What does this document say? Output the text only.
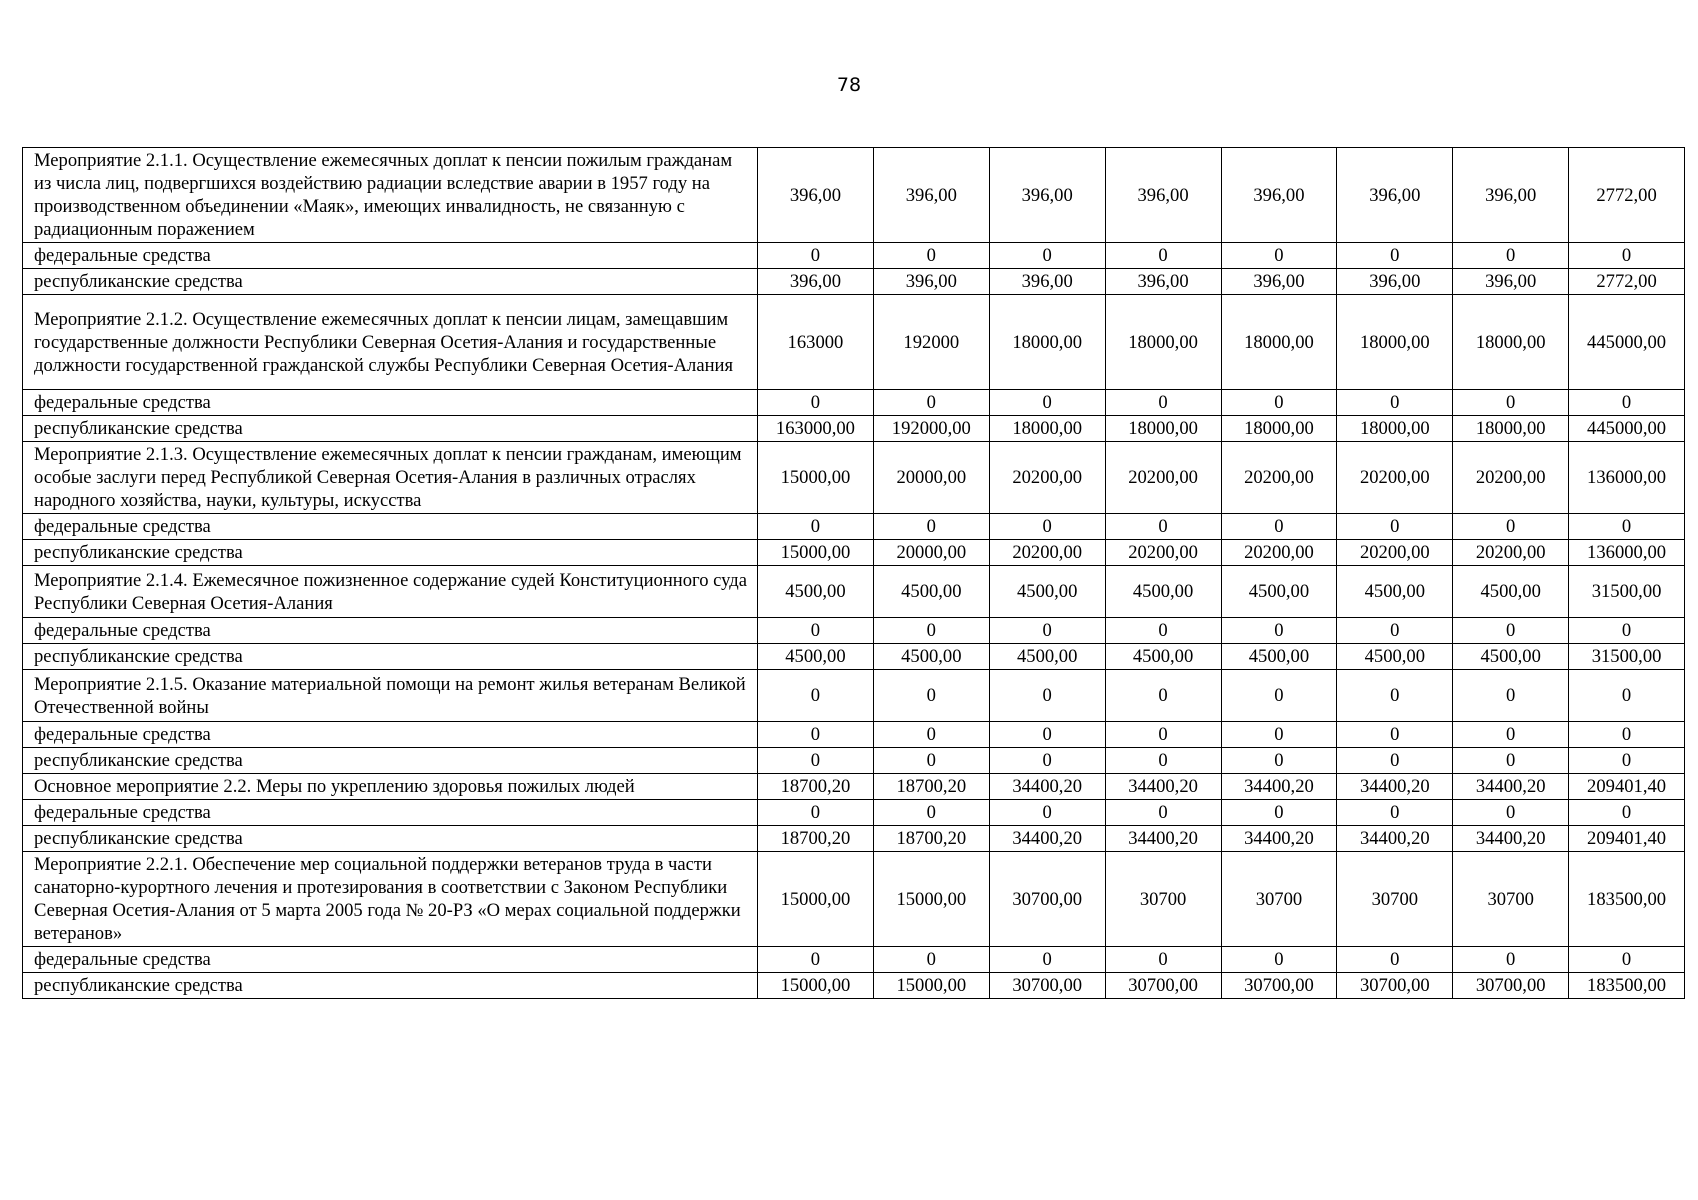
78
Мероприятие 2.1.1. Осуществление ежемесячных доплат к пенсии пожилым гражданам из числа лиц, подвергшихся воздействию радиации вследствие аварии в 1957 году на производственном объединении «Маяк», имеющих инвалидность, не связанную с радиационным поражением	396,00	396,00	396,00	396,00	396,00	396,00	396,00	2772,00
федеральные средства	0	0	0	0	0	0	0	0
республиканские средства	396,00	396,00	396,00	396,00	396,00	396,00	396,00	2772,00
Мероприятие 2.1.2. Осуществление ежемесячных доплат к пенсии лицам, замещавшим государственные должности Республики Северная Осетия-Алания и государственные должности государственной гражданской службы Республики Северная Осетия-Алания	163000	192000	18000,00	18000,00	18000,00	18000,00	18000,00	445000,00
федеральные средства	0	0	0	0	0	0	0	0
республиканские средства	163000,00	192000,00	18000,00	18000,00	18000,00	18000,00	18000,00	445000,00
Мероприятие 2.1.3. Осуществление ежемесячных доплат к пенсии гражданам, имеющим особые заслуги перед Республикой Северная Осетия-Алания в различных отраслях народного хозяйства, науки, культуры, искусства	15000,00	20000,00	20200,00	20200,00	20200,00	20200,00	20200,00	136000,00
федеральные средства	0	0	0	0	0	0	0	0
республиканские средства	15000,00	20000,00	20200,00	20200,00	20200,00	20200,00	20200,00	136000,00
Мероприятие 2.1.4. Ежемесячное пожизненное содержание судей Конституционного суда Республики Северная Осетия-Алания	4500,00	4500,00	4500,00	4500,00	4500,00	4500,00	4500,00	31500,00
федеральные средства	0	0	0	0	0	0	0	0
республиканские средства	4500,00	4500,00	4500,00	4500,00	4500,00	4500,00	4500,00	31500,00
Мероприятие 2.1.5. Оказание материальной помощи на ремонт жилья ветеранам Великой Отечественной войны	0	0	0	0	0	0	0	0
федеральные средства	0	0	0	0	0	0	0	0
республиканские средства	0	0	0	0	0	0	0	0
Основное мероприятие 2.2. Меры по укреплению здоровья пожилых людей	18700,20	18700,20	34400,20	34400,20	34400,20	34400,20	34400,20	209401,40
федеральные средства	0	0	0	0	0	0	0	0
республиканские средства	18700,20	18700,20	34400,20	34400,20	34400,20	34400,20	34400,20	209401,40
Мероприятие 2.2.1. Обеспечение мер социальной поддержки ветеранов труда в части санаторно-курортного лечения и протезирования в соответствии с Законом Республики Северная Осетия-Алания от 5 марта 2005 года № 20-РЗ «О мерах социальной поддержки ветеранов»	15000,00	15000,00	30700,00	30700	30700	30700	30700	183500,00
федеральные средства	0	0	0	0	0	0	0	0
республиканские средства	15000,00	15000,00	30700,00	30700,00	30700,00	30700,00	30700,00	183500,00
